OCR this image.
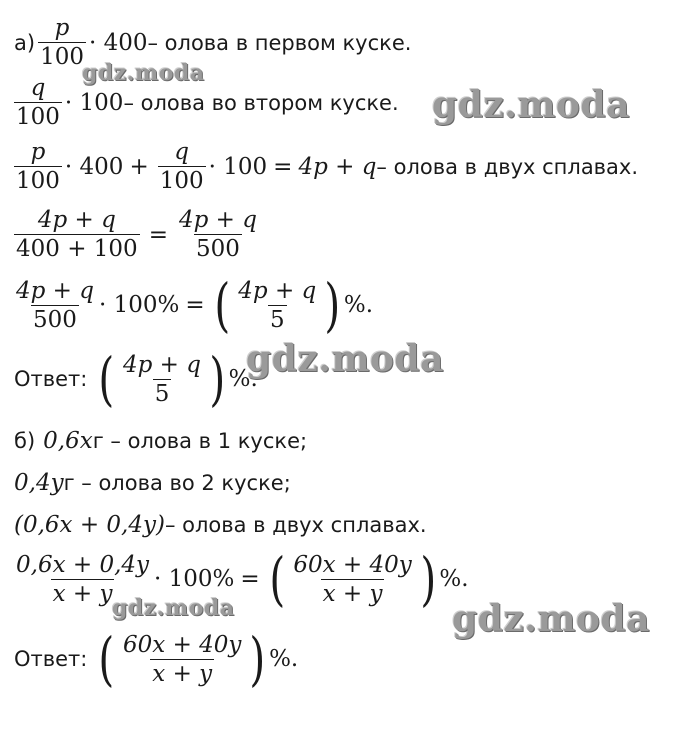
$а) \frac{p}{100} \cdot 400$ – олова в первом куске.
$\frac{q}{100} \cdot 100$ – олова во втором куске.
$\frac{p}{100} \cdot 400 + \frac{q}{100} \cdot 100 = 4p + q$ – олова в двух сплавах.
$\frac{4p + q}{400 + 100} = \frac{4p + q}{500}$
$\frac{4p + q}{500} \cdot 100\%$ = ( $\frac{4p + q}{5}$ ) %.
Ответ: ( $\frac{4p + q}{5}$ ) %.
б) 0,6x г – олова в 1 куске;
0,4y г – олова во 2 куске;
(0,6x + 0,4y) – олова в двух сплавах.
$\frac{0,6x + 0,4y}{x + y} \cdot 100\%$ = ( $\frac{60x + 40y}{x + y}$ ) %.
Ответ: ( $\frac{60x + 40y}{x + y}$ ) %.
gdz.moda
gdz.moda
gdz.moda
gdz.moda	gdz.moda
